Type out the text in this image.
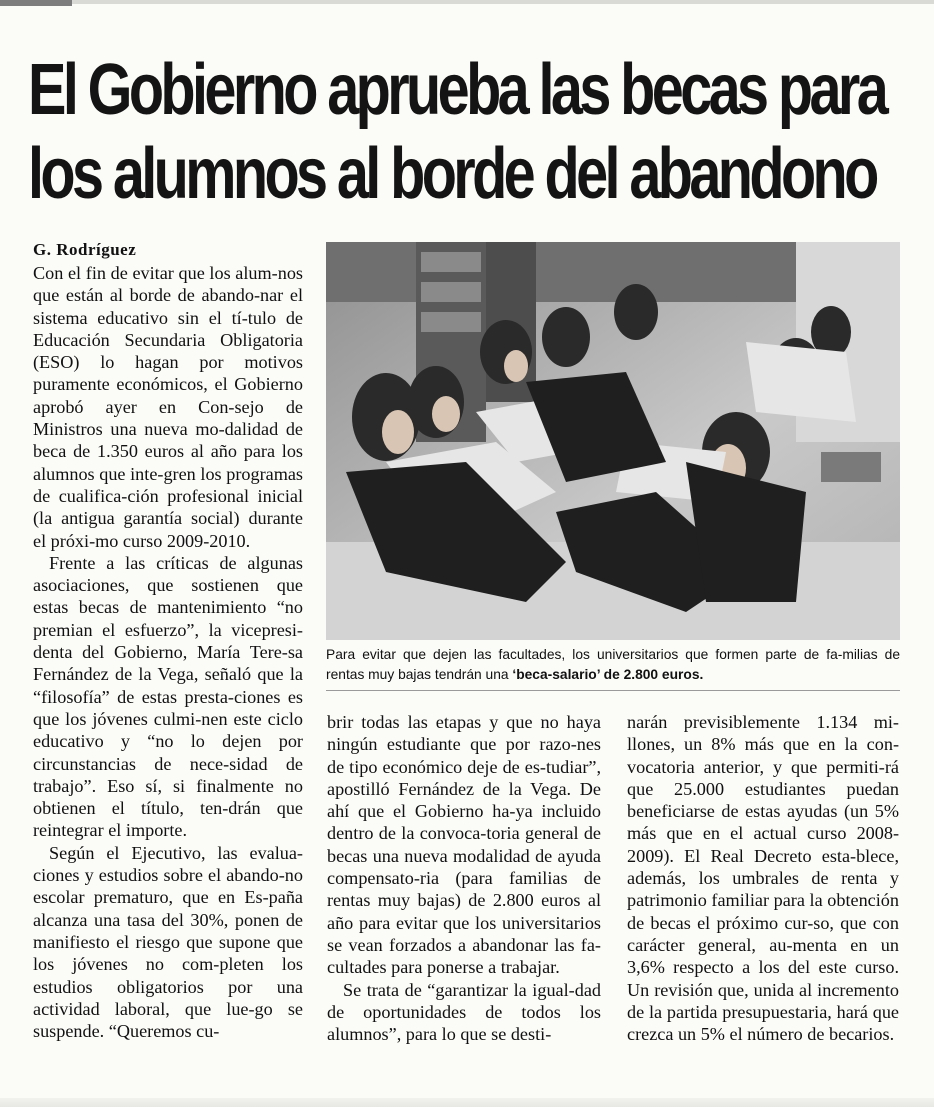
El Gobierno aprueba las becas para
los alumnos al borde del abandono
G. Rodríguez

Con el fin de evitar que los alum-nos que están al borde de abando-nar el sistema educativo sin el tí-tulo de Educación Secundaria Obligatoria (ESO) lo hagan por motivos puramente económicos, el Gobierno aprobó ayer en Con-sejo de Ministros una nueva mo-dalidad de beca de 1.350 euros al año para los alumnos que inte-gren los programas de cualifica-ción profesional inicial (la antigua garantía social) durante el próxi-mo curso 2009-2010.

Frente a las críticas de algunas asociaciones, que sostienen que estas becas de mantenimiento “no premian el esfuerzo”, la vicepresi-denta del Gobierno, María Tere-sa Fernández de la Vega, señaló que la “filosofía” de estas presta-ciones es que los jóvenes culmi-nen este ciclo educativo y “no lo dejen por circunstancias de nece-sidad de trabajo”. Eso sí, si finalmente no obtienen el título, ten-drán que reintegrar el importe.

Según el Ejecutivo, las evalua-ciones y estudios sobre el abando-no escolar prematuro, que en Es-paña alcanza una tasa del 30%, ponen de manifiesto el riesgo que supone que los jóvenes no com-pleten los estudios obligatorios por una actividad laboral, que lue-go se suspende. “Queremos cu-

Para evitar que dejen las facultades, los universitarios que formen parte de fa-milias de rentas muy bajas tendrán una ‘beca-salario’ de 2.800 euros.

brir todas las etapas y que no haya ningún estudiante que por razo-nes de tipo económico deje de es-tudiar”, apostilló Fernández de la Vega. De ahí que el Gobierno ha-ya incluido dentro de la convoca-toria general de becas una nueva modalidad de ayuda compensato-ria (para familias de rentas muy bajas) de 2.800 euros al año para evitar que los universitarios se vean forzados a abandonar las fa-cultades para ponerse a trabajar.

Se trata de “garantizar la igual-dad de oportunidades de todos los alumnos”, para lo que se desti-

narán previsiblemente 1.134 mi-llones, un 8% más que en la con-vocatoria anterior, y que permiti-rá que 25.000 estudiantes puedan beneficiarse de estas ayudas (un 5% más que en el actual curso 2008-2009). El Real Decreto esta-blece, además, los umbrales de renta y patrimonio familiar para la obtención de becas el próximo cur-so, que con carácter general, au-menta en un 3,6% respecto a los del este curso. Un revisión que, unida al incremento de la partida presupuestaria, hará que crezca un 5% el número de becarios.
